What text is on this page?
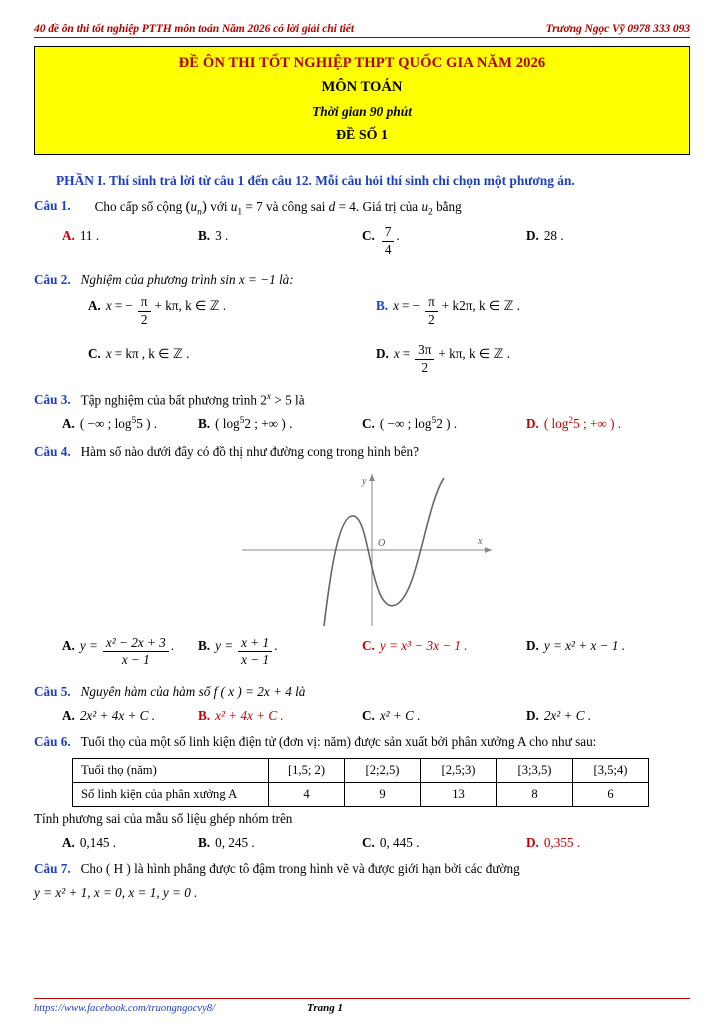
40 đề ôn thi tốt nghiệp PTTH môn toán Năm 2026 có lời giải chi tiết	Trương Ngọc Vỹ 0978 333 093
ĐỀ ÔN THI TỐT NGHIỆP THPT QUỐC GIA NĂM 2026
MÔN TOÁN
Thời gian 90 phút
ĐỀ SỐ 1
PHẦN I. Thí sinh trả lời từ câu 1 đến câu 12. Mỗi câu hỏi thí sinh chỉ chọn một phương án.
Câu 1.	Cho cấp số cộng $(u_n)$ với $u_1 = 7$ và công sai d = 4. Giá trị của $u_2$ bằng
A. 11 .	B. 3 .	C. $\frac{7}{4}$ .	D. 28 .
Câu 2. Nghiệm của phương trình sin x = −1 là:
A. x = − $\frac{\pi}{2} + k\pi$ , k ∈ ℤ .	B. x = − $\frac{\pi}{2} + k2\pi$ , k ∈ ℤ .
C. x = kπ , k ∈ ℤ .	D. $x = \frac{3\pi}{2} + k\pi$ , k ∈ ℤ .
Câu 3. Tập nghiệm của bất phương trình $2^x > 5$ là
A. ( −∞ ; $\log^5 5$ ) .	B. ( $\log^5 2$ ; +∞ ) .	C. ( −∞ ; $\log^5 2$ ) .	D. ( $\log^2 5$ ; +∞ ) .
Câu 4. Hàm số nào dưới đây có đồ thị như đường cong trong hình bên?
y
x
O
A. $y = \frac{\text{x² − 2x + 3}}{x - 1}$ . B. $y = \frac{x + 1}{x - 1}$ .	C. y = x³ − 3x − 1 .	D. y = x² + x − 1 .
Câu 5. Nguyên hàm của hàm số f ( x ) = 2x + 4 là
A. 2x² + 4x + C .	B. x² + 4x + C .	C. x² + C .	D. 2x² + C .
Câu 6. Tuổi thọ của một số linh kiện điện tử (đơn vị: năm) được sản xuất bởi phân xưởng A cho như sau:
Tuổi thọ (năm)	[1,5; 2)	[2;2,5)	[2,5;3)	[3;3,5)	[3,5;4)
Số linh kiện của phân xưởng A	4	9	13	8	6
Tính phương sai của mẫu số liệu ghép nhóm trên
A. 0,145 .	B. 0, 245 .	C. 0, 445 .	D. 0,355 .
Câu 7. Cho ( H ) là hình phẳng được tô đậm trong hình vẽ và được giới hạn bởi các đường
y = x² + 1, x = 0, x = 1, y = 0 .
https://www.facebook.com/truongngocvy8/	Trang 1
